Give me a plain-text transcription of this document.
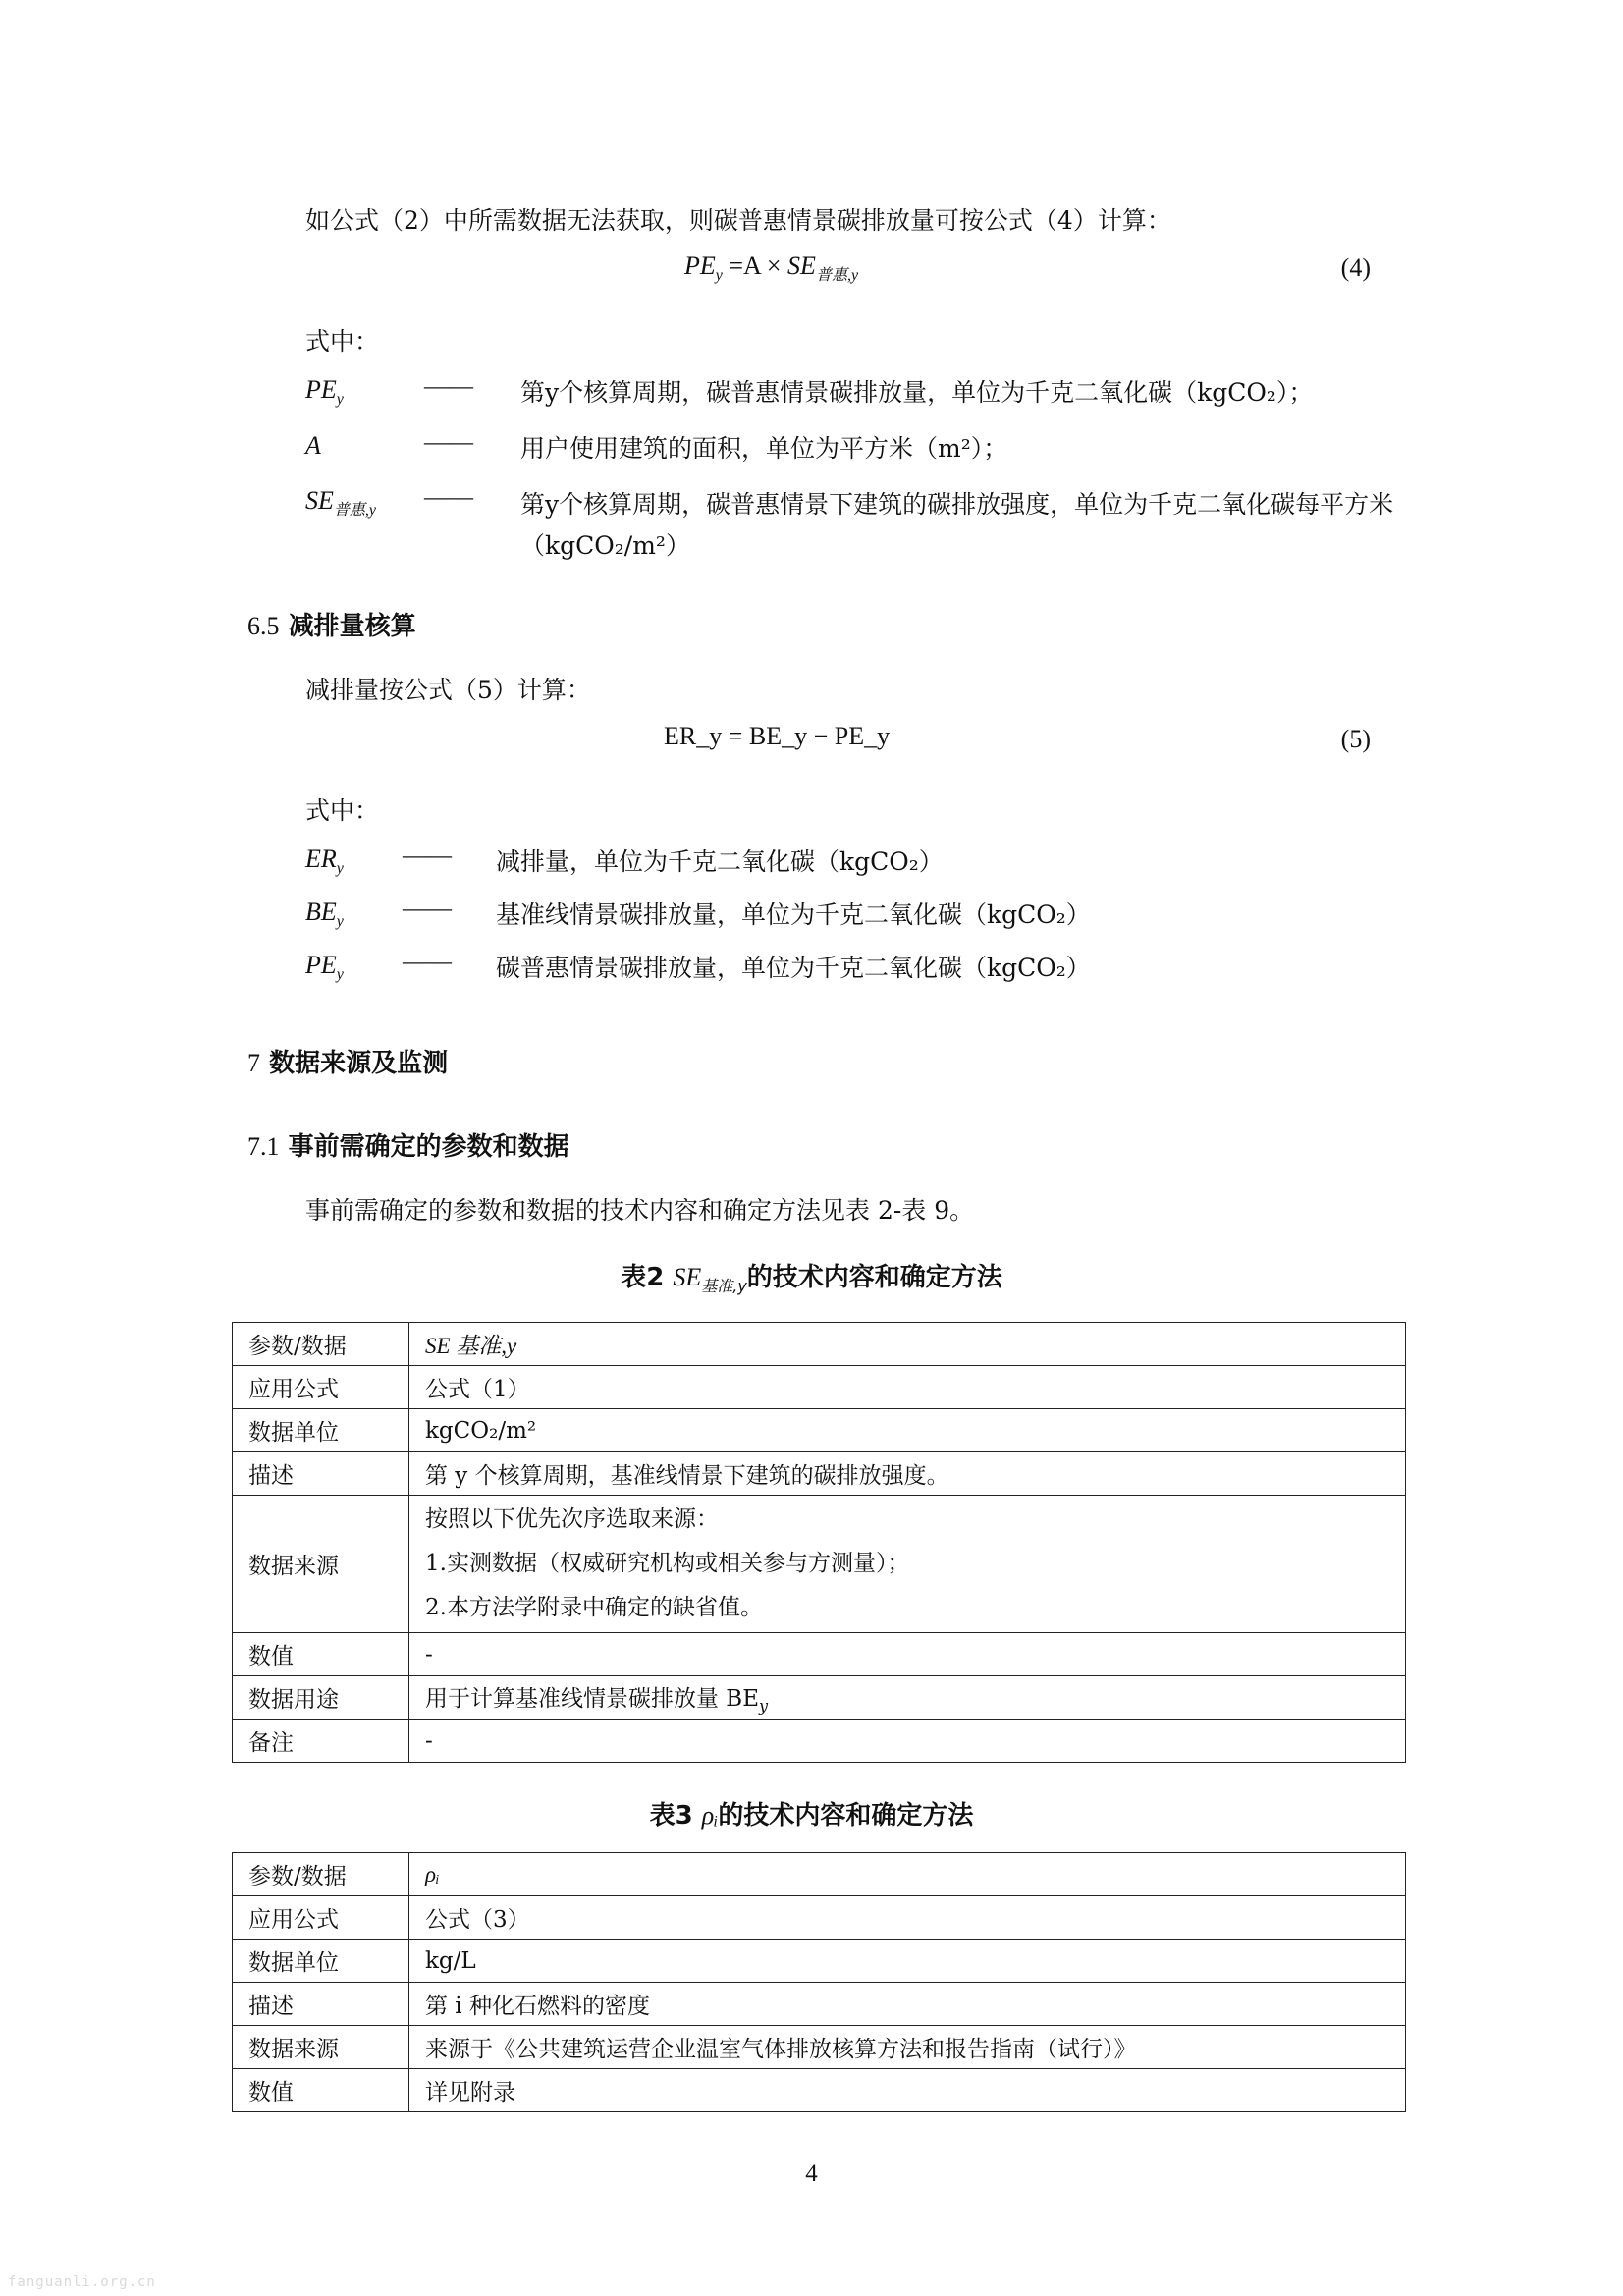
如公式（2）中所需数据无法获取，则碳普惠情景碳排放量可按公式（4）计算：
$PE_y =A \times SE_{普惠,y}$	(4)
式中：
$PE_y$	—— 第y个核算周期，碳普惠情景碳排放量，单位为千克二氧化碳（kgCO₂）；
A	—— 用户使用建筑的面积，单位为平方米（m²）；
$SE_{普惠,y}$ —— 第y个核算周期，碳普惠情景下建筑的碳排放强度，单位为千克二氧化碳每平方米（kgCO₂/m²）
6.5 减排量核算
减排量按公式（5）计算：
ER_y = BE_y − PE_y	(5)
式中：
$ER_y$ —— 减排量，单位为千克二氧化碳（kgCO₂）
$BE_y$ —— 基准线情景碳排放量，单位为千克二氧化碳（kgCO₂）
$PE_y$ —— 碳普惠情景碳排放量，单位为千克二氧化碳（kgCO₂）
7 数据来源及监测
7.1 事前需确定的参数和数据
事前需确定的参数和数据的技术内容和确定方法见表 2-表 9。
表2 $SE_{基准,y}$的技术内容和确定方法
参数/数据	SE 基准,y
应用公式	公式（1）
数据单位	kgCO₂/m²
描述	第 y 个核算周期，基准线情景下建筑的碳排放强度。
数据来源	按照以下优先次序选取来源：
1.实测数据（权威研究机构或相关参与方测量）；
2.本方法学附录中确定的缺省值。

数值	-
数据用途	用于计算基准线情景碳排放量 $BE_y$
备注	-
表3 ρᵢ的技术内容和确定方法
参数/数据	ρᵢ
应用公式	公式（3）
数据单位	kg/L
描述	第 i 种化石燃料的密度
数据来源	来源于《公共建筑运营企业温室气体排放核算方法和报告指南（试行）》
数值	详见附录
4
fanguanli.org.cn
